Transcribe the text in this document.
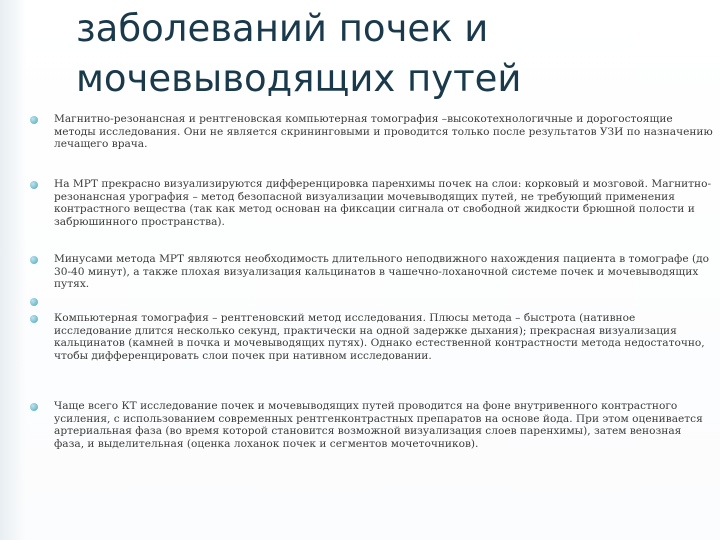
заболеваний почек и
мочевыводящих путей

Магнитно-резонансная и рентгеновская компьютерная томография –высокотехнологичные и дорогостоящие методы исследования. Они не является скрининговыми и проводится только после результатов УЗИ по назначению лечащего врача.

На МРТ прекрасно визуализируются дифференцировка паренхимы почек на слои: корковый и мозговой. Магнитно-резонансная урография – метод безопасной визуализации мочевыводящих путей, не требующий применения контрастного вещества (так как метод основан на фиксации сигнала от свободной жидкости брюшной полости и забрюшинного пространства).

Минусами метода МРТ являются необходимость длительного неподвижного нахождения пациента в томографе (до 30-40 минут), а также плохая визуализация кальцинатов в чашечно-лоханочной системе почек и мочевыводящих путях.

Компьютерная томография – рентгеновский метод исследования. Плюсы метода – быстрота (нативное исследование длится несколько секунд, практически на одной задержке дыхания); прекрасная визуализация кальцинатов (камней в почка и мочевыводящих путях). Однако естественной контрастности метода недостаточно, чтобы дифференцировать слои почек при нативном исследовании.

Чаще всего КТ исследование почек и мочевыводящих путей проводится на фоне внутривенного контрастного усиления, с использованием современных рентгенконтрастных препаратов на основе йода. При этом оценивается артериальная фаза (во время которой становится возможной визуализация слоев паренхимы), затем венозная фаза, и выделительная (оценка лоханок почек и сегментов мочеточников).
